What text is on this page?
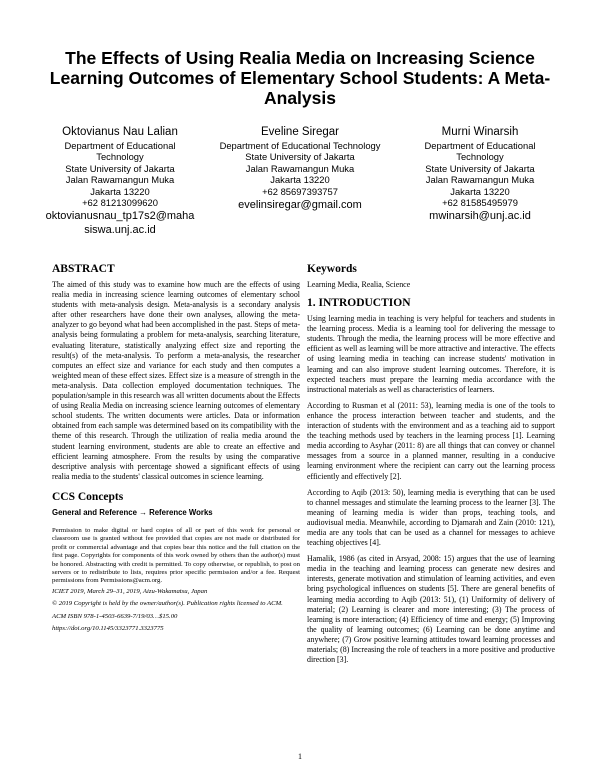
The Effects of Using Realia Media on Increasing Science Learning Outcomes of Elementary School Students: A Meta-Analysis
Oktovianus Nau Lalian
Department of Educational
Technology
State University of Jakarta
Jalan Rawamangun Muka
Jakarta 13220
+62 81213099620
oktovianusnau_tp17s2@maha
siswa.unj.ac.id
Eveline Siregar
Department of Educational Technology
State University of Jakarta
Jalan Rawamangun Muka
Jakarta 13220
+62 85697393757
evelinsiregar@gmail.com
Murni Winarsih
Department of Educational
Technology
State University of Jakarta
Jalan Rawamangun Muka
Jakarta 13220
+62 81585495979
mwinarsih@unj.ac.id
ABSTRACT

The aimed of this study was to examine how much are the effects of using realia media in increasing science learning outcomes of elementary school students with meta-analysis design. Meta-analysis is a secondary analysis after other researchers have done their own analyses, allowing the meta-analyzer to go beyond what had been accomplished in the past. Steps of meta-analysis being formulating a problem for meta-analysis, searching literature, evaluating literature, statistically analyzing effect size and reporting the result(s) of the meta-analysis. To perform a meta-analysis, the researcher computes an effect size and variance for each study and then computes a weighted mean of these effect sizes. Effect size is a measure of strength in the meta-analysis. Data collection employed documentation techniques. The population/sample in this research was all written documents about the Effects of using Realia Media on increasing science learning outcomes of elementary school students. The written documents were articles. Data or information obtained from each sample was determined based on its compatibility with the theme of this research. Through the utilization of realia media around the student learning environment, students are able to create an effective and efficient learning atmosphere. From the results by using the comparative descriptive analysis with percentage showed a significant effects of using realia media to the students' classical outcomes in science learning.

CCS Concepts

General and Reference → Reference Works

Permission to make digital or hard copies of all or part of this work for personal or classroom use is granted without fee provided that copies are not made or distributed for profit or commercial advantage and that copies bear this notice and the full citation on the first page. Copyrights for components of this work owned by others than the author(s) must be honored. Abstracting with credit is permitted. To copy otherwise, or republish, to post on servers or to redistribute to lists, requires prior specific permission and/or a fee. Request permissions from Permissions@acm.org.

ICIET 2019, March 29–31, 2019, Aizu-Wakamatsu, Japan

© 2019 Copyright is held by the owner/author(s). Publication rights licensed to ACM.

ACM ISBN 978-1-4503-6639-7/19/03…$15.00

https://doi.org/10.1145/3323771.3323775

Keywords

Learning Media, Realia, Science

1. INTRODUCTION

Using learning media in teaching is very helpful for teachers and students in the learning process. Media is a learning tool for delivering the message to students. Through the media, the learning process will be more effective and efficient as well as learning will be more attractive and interactive. The effects of using learning media in teaching can increase students' motivation in learning and can also improve student learning outcomes. Therefore, it is expected teachers must prepare the learning media accordance with the instructional materials as well as characteristics of learners.

According to Rusman et al (2011: 53), learning media is one of the tools to enhance the process interaction between teacher and students, and the interaction of students with the environment and as a teaching aid to support the teaching methods used by teachers in the learning process [1]. Learning media according to Asyhar (2011: 8) are all things that can convey or channel messages from a source in a planned manner, resulting in a conducive learning environment where the recipient can carry out the learning process efficiently and effectively [2].

According to Aqib (2013: 50), learning media is everything that can be used to channel messages and stimulate the learning process to the learner [3]. The meaning of learning media is wider than props, teaching tools, and audiovisual media. Meanwhile, according to Djamarah and Zain (2010: 121), media are any tools that can be used as a channel for messages to achieve teaching objectives [4].

Hamalik, 1986 (as cited in Arsyad, 2008: 15) argues that the use of learning media in the teaching and learning process can generate new desires and interests, generate motivation and stimulation of learning activities, and even bring psychological influences on students [5]. There are general benefits of learning media according to Aqib (2013: 51), (1) Uniformity of delivery of material; (2) Learning is clearer and more interesting; (3) The process of learning is more interaction; (4) Efficiency of time and energy; (5) Improving the quality of learning outcomes; (6) Learning can be done anytime and anywhere; (7) Grow positive learning attitudes toward learning processes and materials; (8) Increasing the role of teachers in a more positive and productive direction [3].

1
